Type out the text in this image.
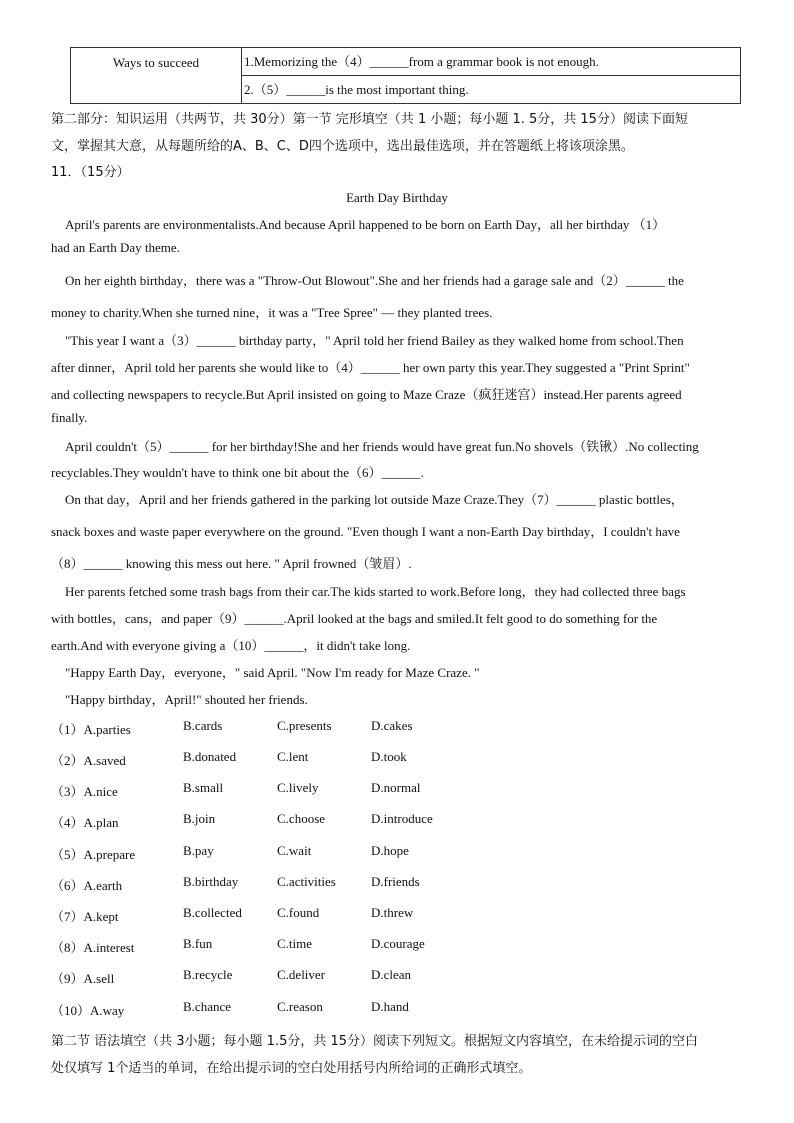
Ways to succeed	1.Memorizing the（4）______from a grammar book is not enough.
2.（5）______is the most important thing.
第二部分：知识运用（共两节，共 30分）第一节 完形填空（共 1 小题；每小题 1. 5分，共 15分）阅读下面短
文，掌握其大意，从每题所给的A、B、C、D四个选项中，选出最佳选项，并在答题纸上将该项涂黑。
11．（15分）
Earth Day Birthday
April's parents are environmentalists.And because April happened to be born on Earth Day，all her birthday （1）
had an Earth Day theme.
On her eighth birthday，there was a "Throw-Out Blowout".She and her friends had a garage sale and（2）______ the
money to charity.When she turned nine，it was a "Tree Spree" — they planted trees.
"This year I want a（3）______ birthday party，" April told her friend Bailey as they walked home from school.Then
after dinner，April told her parents she would like to（4）______ her own party this year.They suggested a "Print Sprint"
and collecting newspapers to recycle.But April insisted on going to Maze Craze（疯狂迷宫）instead.Her parents agreed
finally.
April couldn't（5）______ for her birthday!She and her friends would have great fun.No shovels（铁锹）.No collecting
recyclables.They wouldn't have to think one bit about the（6）______.
On that day，April and her friends gathered in the parking lot outside Maze Craze.They（7）______ plastic bottles，
snack boxes and waste paper everywhere on the ground. "Even though I want a non-Earth Day birthday，I couldn't have
（8）______ knowing this mess out here. " April frowned（皱眉）.
Her parents fetched some trash bags from their car.The kids started to work.Before long，they had collected three bags
with bottles，cans，and paper（9）______.April looked at the bags and smiled.It felt good to do something for the
earth.And with everyone giving a（10）______，it didn't take long.
"Happy Earth Day，everyone，" said April. "Now I'm ready for Maze Craze. "
"Happy birthday，April!" shouted her friends.
（1）A.parties	B.cards	C.presents	D.cakes
（2）A.saved	B.donated	C.lent	D.took
（3）A.nice	B.small	C.lively	D.normal
（4）A.plan	B.join	C.choose	D.introduce
（5）A.prepare	B.pay	C.wait	D.hope
（6）A.earth	B.birthday	C.activities	D.friends
（7）A.kept	B.collected	C.found	D.threw
（8）A.interest	B.fun	C.time	D.courage
（9）A.sell	B.recycle	C.deliver	D.clean
（10）A.way	B.chance	C.reason	D.hand
第二节 语法填空（共 3小题；每小题 1.5分，共 15分）阅读下列短文。根据短文内容填空，在未给提示词的空白
处仅填写 1个适当的单词，在给出提示词的空白处用括号内所给词的正确形式填空。
